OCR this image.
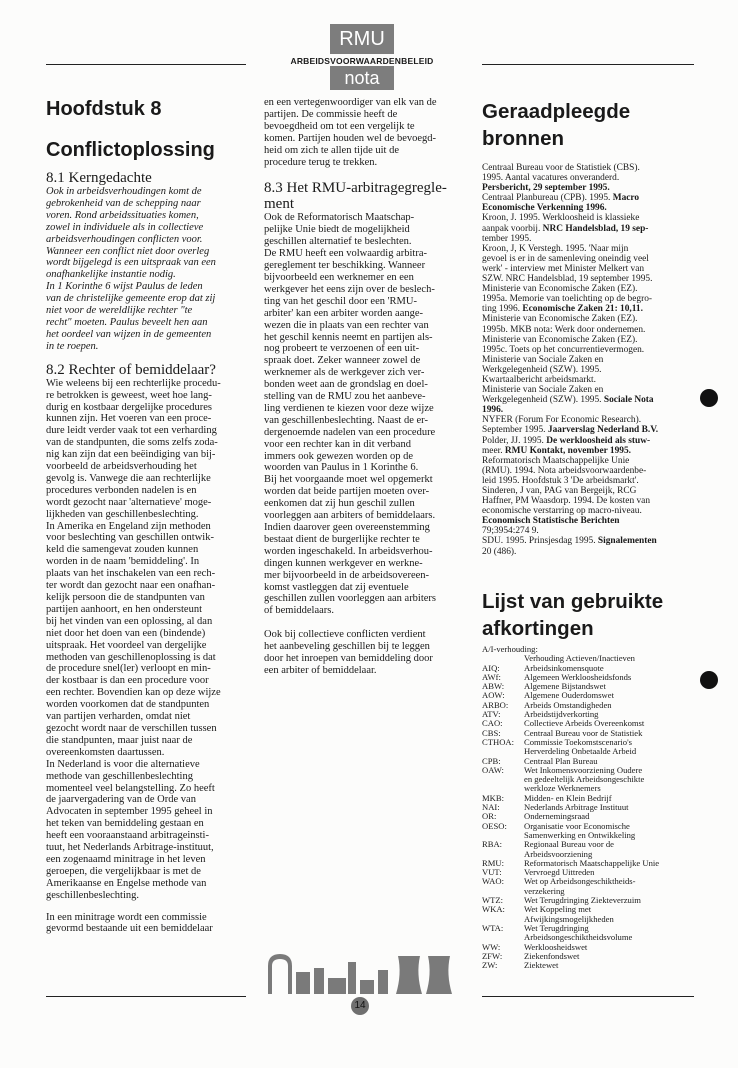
RMU
ARBEIDSVOORWAARDENBELEID
nota
Hoofdstuk 8
Conflictoplossing
8.1 Kerngedachte
Ook in arbeidsverhoudingen komt de
gebrokenheid van de schepping naar
voren. Rond arbeidssituaties komen,
zowel in individuele als in collectieve
arbeidsverhoudingen conflicten voor.
Wanneer een conflict niet door overleg
wordt bijgelegd is een uitspraak van een
onafhankelijke instantie nodig.
In 1 Korinthe 6 wijst Paulus de leden
van de christelijke gemeente erop dat zij
niet voor de wereldlijke rechter "te
recht" moeten. Paulus beveelt hen aan
het oordeel van wijzen in de gemeenten
in te roepen.
8.2 Rechter of bemiddelaar?
Wie weleens bij een rechterlijke procedu-
re betrokken is geweest, weet hoe lang-
durig en kostbaar dergelijke procedures
kunnen zijn. Het voeren van een proce-
dure leidt verder vaak tot een verharding
van de standpunten, die soms zelfs zoda-
nig kan zijn dat een beëindiging van bij-
voorbeeld de arbeidsverhouding het
gevolg is. Vanwege die aan rechterlijke
procedures verbonden nadelen is en
wordt gezocht naar 'alternatieve' moge-
lijkheden van geschillenbeslechting.
In Amerika en Engeland zijn methoden
voor beslechting van geschillen ontwik-
keld die samengevat zouden kunnen
worden in de naam 'bemiddeling'. In
plaats van het inschakelen van een rech-
ter wordt dan gezocht naar een onafhan-
kelijk persoon die de standpunten van
partijen aanhoort, en hen ondersteunt
bij het vinden van een oplossing, al dan
niet door het doen van een (bindende)
uitspraak. Het voordeel van dergelijke
methoden van geschillenoplossing is dat
de procedure snel(ler) verloopt en min-
der kostbaar is dan een procedure voor
een rechter. Bovendien kan op deze wijze
worden voorkomen dat de standpunten
van partijen verharden, omdat niet
gezocht wordt naar de verschillen tussen
die standpunten, maar juist naar de
overeenkomsten daartussen.
In Nederland is voor die alternatieve
methode van geschillenbeslechting
momenteel veel belangstelling. Zo heeft
de jaarvergadering van de Orde van
Advocaten in september 1995 geheel in
het teken van bemiddeling gestaan en
heeft een vooraanstaand arbitrageinsti-
tuut, het Nederlands Arbitrage-instituut,
een zogenaamd minitrage in het leven
geroepen, die vergelijkbaar is met de
Amerikaanse en Engelse methode van
geschillenbeslechting.
In een minitrage wordt een commissie
gevormd bestaande uit een bemiddelaar
en een vertegenwoordiger van elk van de
partijen. De commissie heeft de
bevoegdheid om tot een vergelijk te
komen. Partijen houden wel de bevoegd-
heid om zich te allen tijde uit de
procedure terug te trekken.
8.3 Het RMU-arbitragegregle-
ment
Ook de Reformatorisch Maatschap-
pelijke Unie biedt de mogelijkheid
geschillen alternatief te beslechten.
De RMU heeft een volwaardig arbitra-
gereglement ter beschikking. Wanneer
bijvoorbeeld een werknemer en een
werkgever het eens zijn over de beslech-
ting van het geschil door een 'RMU-
arbiter' kan een arbiter worden aange-
wezen die in plaats van een rechter van
het geschil kennis neemt en partijen als-
nog probeert te verzoenen of een uit-
spraak doet. Zeker wanneer zowel de
werknemer als de werkgever zich ver-
bonden weet aan de grondslag en doel-
stelling van de RMU zou het aanbeve-
ling verdienen te kiezen voor deze wijze
van geschillenbeslechting. Naast de er-
dergenoemde nadelen van een procedure
voor een rechter kan in dit verband
immers ook gewezen worden op de
woorden van Paulus in 1 Korinthe 6.
Bij het voorgaande moet wel opgemerkt
worden dat beide partijen moeten over-
eenkomen dat zij hun geschil zullen
voorleggen aan arbiters of bemiddelaars.
Indien daarover geen overeenstemming
bestaat dient de burgerlijke rechter te
worden ingeschakeld. In arbeidsverhou-
dingen kunnen werkgever en werkne-
mer bijvoorbeeld in de arbeidsovereen-
komst vastleggen dat zij eventuele
geschillen zullen voorleggen aan arbiters
of bemiddelaars.
Ook bij collectieve conflicten verdient
het aanbeveling geschillen bij te leggen
door het inroepen van bemiddeling door
een arbiter of bemiddelaar.
Geraadpleegde
bronnen
Centraal Bureau voor de Statistiek (CBS).
1995. Aantal vacatures onveranderd.
Persbericht, 29 september 1995.
Centraal Planbureau (CPB). 1995. Macro
Economische Verkenning 1996.
Kroon, J. 1995. Werkloosheid is klassieke
aanpak voorbij. NRC Handelsblad, 19 sep-
tember 1995.
Kroon, J, K Verstegh. 1995. 'Naar mijn
gevoel is er in de samenleving oneindig veel
werk' - interview met Minister Melkert van
SZW. NRC Handelsblad, 19 september 1995.
Ministerie van Economische Zaken (EZ).
1995a. Memorie van toelichting op de begro-
ting 1996. Economische Zaken 21: 10,11.
Ministerie van Economische Zaken (EZ).
1995b. MKB nota: Werk door ondernemen.
Ministerie van Economische Zaken (EZ).
1995c. Toets op het concurrentievermogen.
Ministerie van Sociale Zaken en
Werkgelegenheid (SZW). 1995.
Kwartaalbericht arbeidsmarkt.
Ministerie van Sociale Zaken en
Werkgelegenheid (SZW). 1995. Sociale Nota
1996.
NYFER (Forum For Economic Research).
September 1995. Jaarverslag Nederland B.V.
Polder, JJ. 1995. De werkloosheid als stuw-
meer. RMU Kontakt, november 1995.
Reformatorisch Maatschappelijke Unie
(RMU). 1994. Nota arbeidsvoorwaardenbe-
leid 1995. Hoofdstuk 3 'De arbeidsmarkt'.
Sinderen, J van, PAG van Bergeijk, RCG
Haffner, PM Waasdorp. 1994. De kosten van
economische verstarring op macro-niveau.
Economisch Statistische Berichten
79;3954:274 9.
SDU. 1995. Prinsjesdag 1995. Signalementen
20 (486).
Lijst van gebruikte
afkortingen
A/I-verhouding:
Verhouding Actieven/Inactieven
AIQ:	Arbeidsinkomensquote
AWf:	Algemeen Werkloosheidsfonds
ABW:	Algemene Bijstandswet
AOW:	Algemene Ouderdomswet
ARBO:	Arbeids Omstandigheden
ATV:	Arbeidstijdverkorting
CAO:	Collectieve Arbeids Overeenkomst
CBS:	Centraal Bureau voor de Statistiek
CTHOA:	Commissie Toekomstscenario's
Herverdeling Onbetaalde Arbeid
CPB:	Centraal Plan Bureau
OAW:	Wet Inkomensvoorziening Oudere
en gedeeltelijk Arbeidsongeschikte
werkloze Werknemers
MKB:	Midden- en Klein Bedrijf
NAI:	Nederlands Arbitrage Instituut
OR:	Ondernemingsraad
OESO:	Organisatie voor Economische
Samenwerking en Ontwikkeling
RBA:	Regionaal Bureau voor de
Arbeidsvoorziening
RMU:	Reformatorisch Maatschappelijke Unie
VUT:	Vervroegd Uittreden
WAO:	Wet op Arbeidsongeschiktheids-
verzekering
WTZ:	Wet Terugdringing Ziekteverzuim
WKA:	Wet Koppeling met
Afwijkingsmogelijkheden
WTA:	Wet Terugdringing
Arbeidsongeschiktheidsvolume
WW:	Werkloosheidswet
ZFW:	Ziekenfondswet
ZW:	Ziektewet
14
